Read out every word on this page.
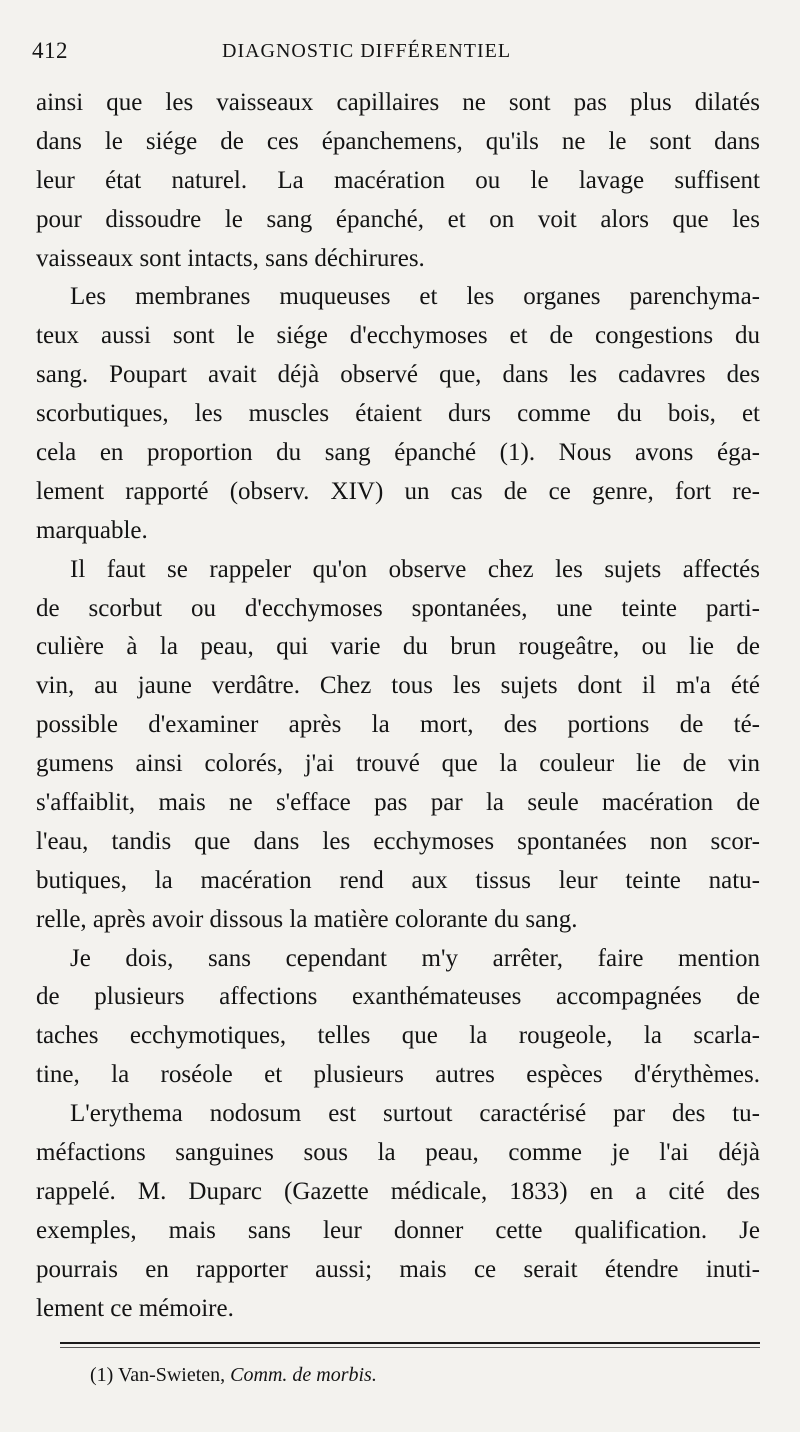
412	DIAGNOSTIC DIFFÉRENTIEL
ainsi que les vaisseaux capillaires ne sont pas plus dilatés
dans le siége de ces épanchemens, qu'ils ne le sont dans
leur état naturel. La macération ou le lavage suffisent
pour dissoudre le sang épanché, et on voit alors que les
vaisseaux sont intacts, sans déchirures.
Les membranes muqueuses et les organes parenchyma-
teux aussi sont le siége d'ecchymoses et de congestions du
sang. Poupart avait déjà observé que, dans les cadavres des
scorbutiques, les muscles étaient durs comme du bois, et
cela en proportion du sang épanché (1). Nous avons éga-
lement rapporté (observ. XIV) un cas de ce genre, fort re-
marquable.
Il faut se rappeler qu'on observe chez les sujets affectés
de scorbut ou d'ecchymoses spontanées, une teinte parti-
culière à la peau, qui varie du brun rougeâtre, ou lie de
vin, au jaune verdâtre. Chez tous les sujets dont il m'a été
possible d'examiner après la mort, des portions de té-
gumens ainsi colorés, j'ai trouvé que la couleur lie de vin
s'affaiblit, mais ne s'efface pas par la seule macération de
l'eau, tandis que dans les ecchymoses spontanées non scor-
butiques, la macération rend aux tissus leur teinte natu-
relle, après avoir dissous la matière colorante du sang.
Je dois, sans cependant m'y arrêter, faire mention
de plusieurs affections exanthémateuses accompagnées de
taches ecchymotiques, telles que la rougeole, la scarla-
tine, la roséole et plusieurs autres espèces d'érythèmes.
L'erythema nodosum est surtout caractérisé par des tu-
méfactions sanguines sous la peau, comme je l'ai déjà
rappelé. M. Duparc (Gazette médicale, 1833) en a cité des
exemples, mais sans leur donner cette qualification. Je
pourrais en rapporter aussi; mais ce serait étendre inuti-
lement ce mémoire.
(1) Van-Swieten, Comm. de morbis.
